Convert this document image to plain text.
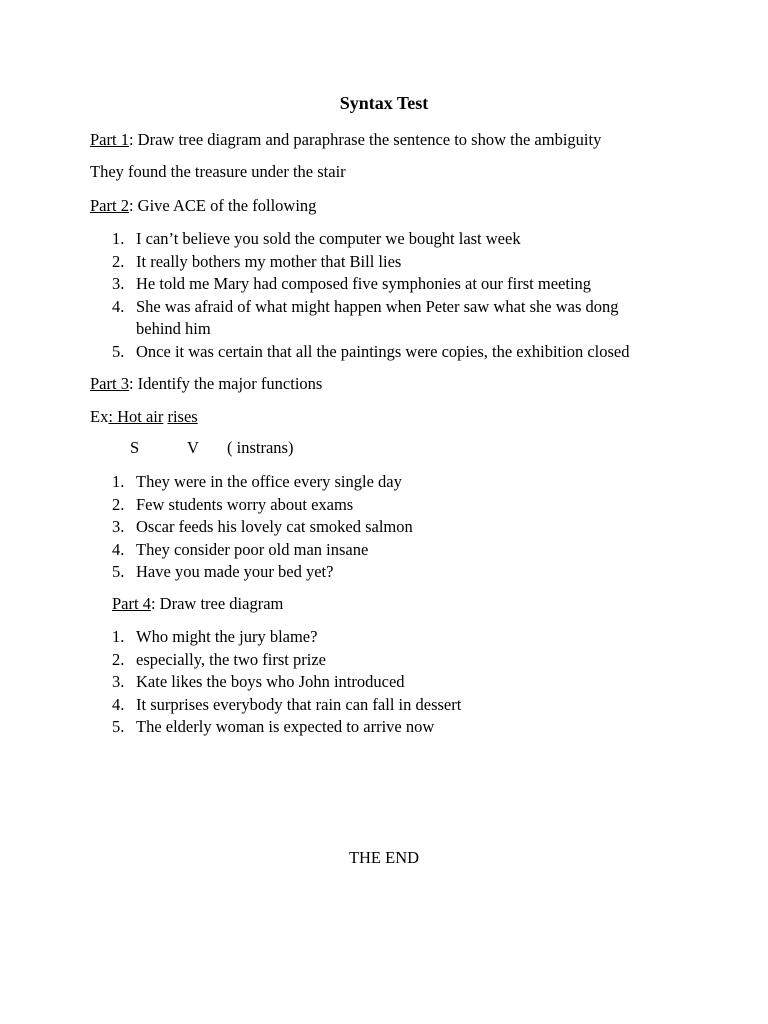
Syntax Test

Part 1: Draw tree diagram and paraphrase the sentence to show the ambiguity

They found the treasure under the stair

Part 2: Give ACE of the following

1. I can’t believe you sold the computer we bought last week
2. It really bothers my mother that Bill lies
3. He told me Mary had composed five symphonies at our first meeting
4. She was afraid of what might happen when Peter saw what she was dong behind him
5. Once it was certain that all the paintings were copies, the exhibition closed

Part 3: Identify the major functions

Ex: Hot air rises

S	V ( instrans)
1. They were in the office every single day
2. Few students worry about exams
3. Oscar feeds his lovely cat smoked salmon
4. They consider poor old man insane
5. Have you made your bed yet?

Part 4: Draw tree diagram

1. Who might the jury blame?
2. especially, the two first prize
3. Kate likes the boys who John introduced
4. It surprises everybody that rain can fall in dessert
5. The elderly woman is expected to arrive now

THE END
